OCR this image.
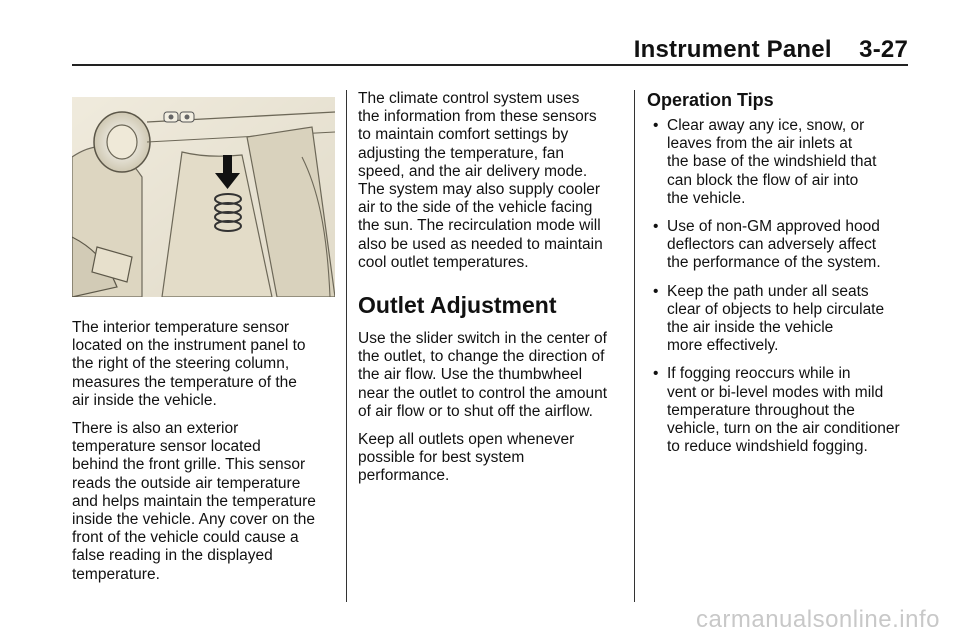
Instrument Panel    3-27

The interior temperature sensor
located on the instrument panel to
the right of the steering column,
measures the temperature of the
air inside the vehicle.

There is also an exterior
temperature sensor located
behind the front grille. This sensor
reads the outside air temperature
and helps maintain the temperature
inside the vehicle. Any cover on the
front of the vehicle could cause a
false reading in the displayed
temperature.

The climate control system uses
the information from these sensors
to maintain comfort settings by
adjusting the temperature, fan
speed, and the air delivery mode.
The system may also supply cooler
air to the side of the vehicle facing
the sun. The recirculation mode will
also be used as needed to maintain
cool outlet temperatures.

Outlet Adjustment

Use the slider switch in the center of
the outlet, to change the direction of
the air flow. Use the thumbwheel
near the outlet to control the amount
of air flow or to shut off the airflow.

Keep all outlets open whenever
possible for best system
performance.

Operation Tips
• Clear away any ice, snow, or
leaves from the air inlets at
the base of the windshield that
can block the flow of air into
the vehicle.
• Use of non-GM approved hood
deflectors can adversely affect
the performance of the system.
• Keep the path under all seats
clear of objects to help circulate
the air inside the vehicle
more effectively.
• If fogging reoccurs while in
vent or bi-level modes with mild
temperature throughout the
vehicle, turn on the air conditioner
to reduce windshield fogging.
carmanualsonline.info
